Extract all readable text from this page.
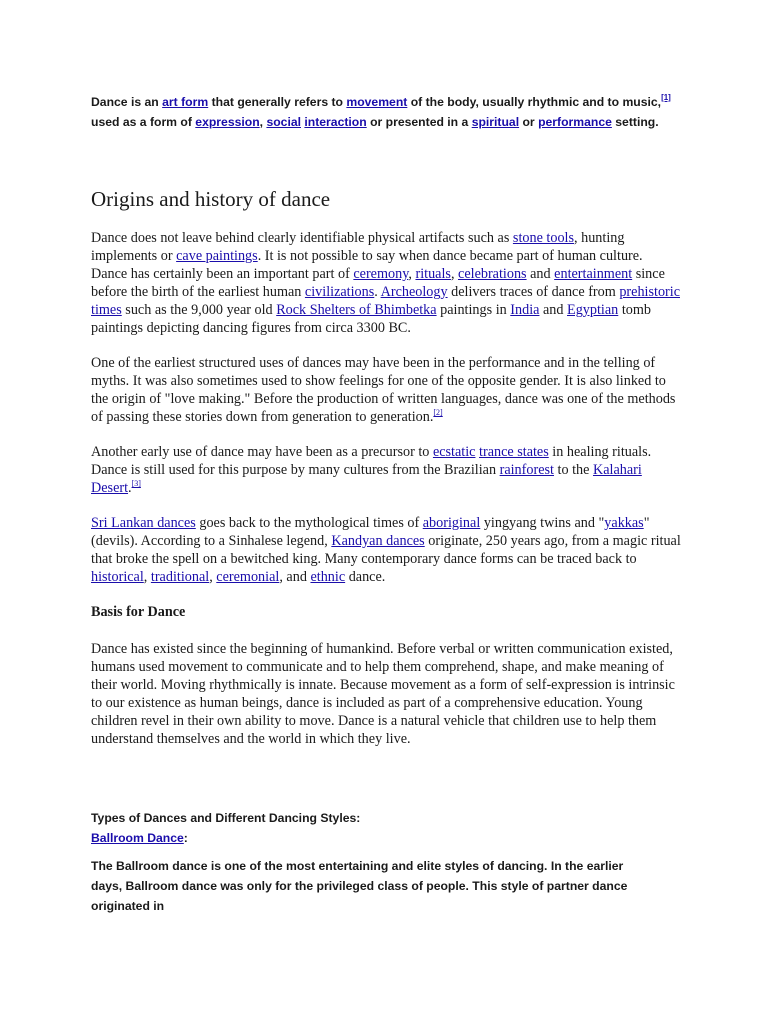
Dance is an art form that generally refers to movement of the body, usually rhythmic and to music,[1]
used as a form of expression, social interaction or presented in a spiritual or performance setting.

Origins and history of dance

Dance does not leave behind clearly identifiable physical artifacts such as stone tools, hunting implements or cave paintings. It is not possible to say when dance became part of human culture. Dance has certainly been an important part of ceremony, rituals, celebrations and entertainment since before the birth of the earliest human civilizations. Archeology delivers traces of dance from prehistoric times such as the 9,000 year old Rock Shelters of Bhimbetka paintings in India and Egyptian tomb paintings depicting dancing figures from circa 3300 BC.

One of the earliest structured uses of dances may have been in the performance and in the telling of myths. It was also sometimes used to show feelings for one of the opposite gender. It is also linked to the origin of "love making." Before the production of written languages, dance was one of the methods of passing these stories down from generation to generation.[2]

Another early use of dance may have been as a precursor to ecstatic trance states in healing rituals. Dance is still used for this purpose by many cultures from the Brazilian rainforest to the Kalahari Desert.[3]

Sri Lankan dances goes back to the mythological times of aboriginal yingyang twins and "yakkas" (devils). According to a Sinhalese legend, Kandyan dances originate, 250 years ago, from a magic ritual that broke the spell on a bewitched king. Many contemporary dance forms can be traced back to historical, traditional, ceremonial, and ethnic dance.

Basis for Dance

Dance has existed since the beginning of humankind. Before verbal or written communication existed, humans used movement to communicate and to help them comprehend, shape, and make meaning of their world. Moving rhythmically is innate. Because movement as a form of self-expression is intrinsic to our existence as human beings, dance is included as part of a comprehensive education. Young children revel in their own ability to move. Dance is a natural vehicle that children use to help them understand themselves and the world in which they live.

Types of Dances and Different Dancing Styles:
Ballroom Dance:

The Ballroom dance is one of the most entertaining and elite styles of dancing. In the earlier days, Ballroom dance was only for the privileged class of people. This style of partner dance originated in
